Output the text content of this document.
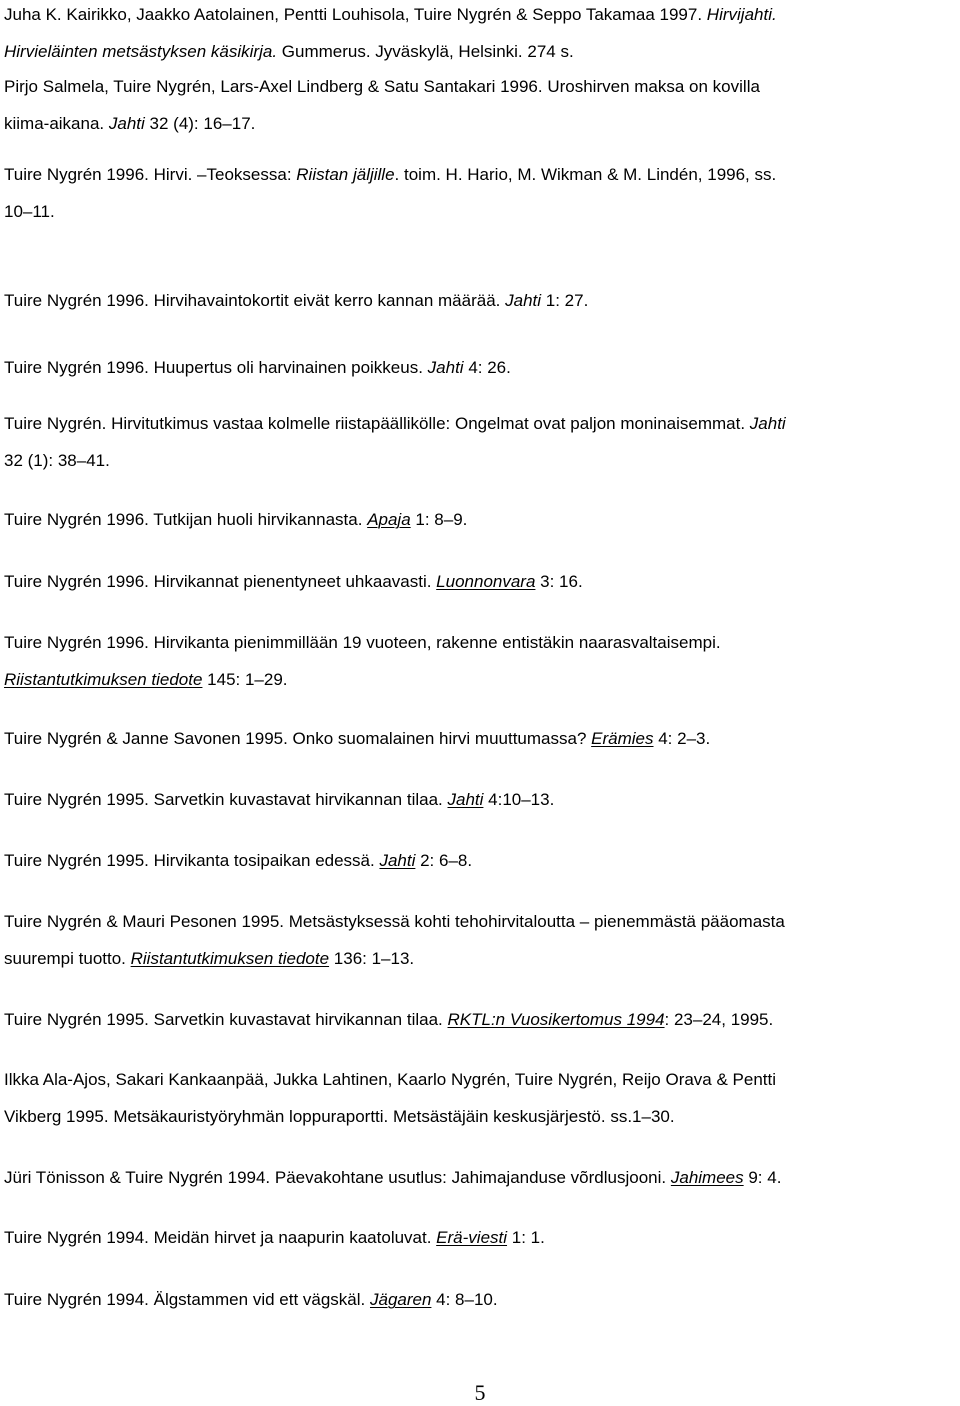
Juha K. Kairikko, Jaakko Aatolainen, Pentti Louhisola, Tuire Nygrén & Seppo Takamaa 1997. Hirvijahti.
Hirvieläinten metsästyksen käsikirja. Gummerus. Jyväskylä, Helsinki. 274 s.
Pirjo Salmela, Tuire Nygrén, Lars-Axel Lindberg & Satu Santakari 1996. Uroshirven maksa on kovilla
kiima-aikana. Jahti 32 (4): 16–17.
Tuire Nygrén 1996. Hirvi. –Teoksessa: Riistan jäljille. toim. H. Hario, M. Wikman & M. Lindén, 1996, ss.
10–11.
Tuire Nygrén 1996. Hirvihavaintokortit eivät kerro kannan määrää. Jahti 1: 27.
Tuire Nygrén 1996. Huupertus oli harvinainen poikkeus. Jahti 4: 26.
Tuire Nygrén. Hirvitutkimus vastaa kolmelle riistapäällikölle: Ongelmat ovat paljon moninaisemmat. Jahti
32 (1): 38–41.
Tuire Nygrén 1996. Tutkijan huoli hirvikannasta. Apaja 1: 8–9.
Tuire Nygrén 1996. Hirvikannat pienentyneet uhkaavasti. Luonnonvara 3: 16.
Tuire Nygrén 1996. Hirvikanta pienimmillään 19 vuoteen, rakenne entistäkin naarasvaltaisempi.
Riistantutkimuksen tiedote 145: 1–29.
Tuire Nygrén & Janne Savonen 1995. Onko suomalainen hirvi muuttumassa? Erämies 4: 2–3.
Tuire Nygrén 1995. Sarvetkin kuvastavat hirvikannan tilaa. Jahti 4:10–13.
Tuire Nygrén 1995. Hirvikanta tosipaikan edessä. Jahti 2: 6–8.
Tuire Nygrén & Mauri Pesonen 1995. Metsästyksessä kohti tehohirvitaloutta – pienemmästä pääomasta
suurempi tuotto. Riistantutkimuksen tiedote 136: 1–13.
Tuire Nygrén 1995. Sarvetkin kuvastavat hirvikannan tilaa. RKTL:n Vuosikertomus 1994: 23–24, 1995.
Ilkka Ala-Ajos, Sakari Kankaanpää, Jukka Lahtinen, Kaarlo Nygrén, Tuire Nygrén, Reijo Orava & Pentti
Vikberg 1995. Metsäkauristyöryhmän loppuraportti. Metsästäjäin keskusjärjestö. ss.1–30.
Jüri Tönisson & Tuire Nygrén 1994. Päevakohtane usutlus: Jahimajanduse võrdlusjooni. Jahimees 9: 4.
Tuire Nygrén 1994. Meidän hirvet ja naapurin kaatoluvat. Erä-viesti 1: 1.
Tuire Nygrén 1994. Älgstammen vid ett vägskäl. Jägaren 4: 8–10.
5
